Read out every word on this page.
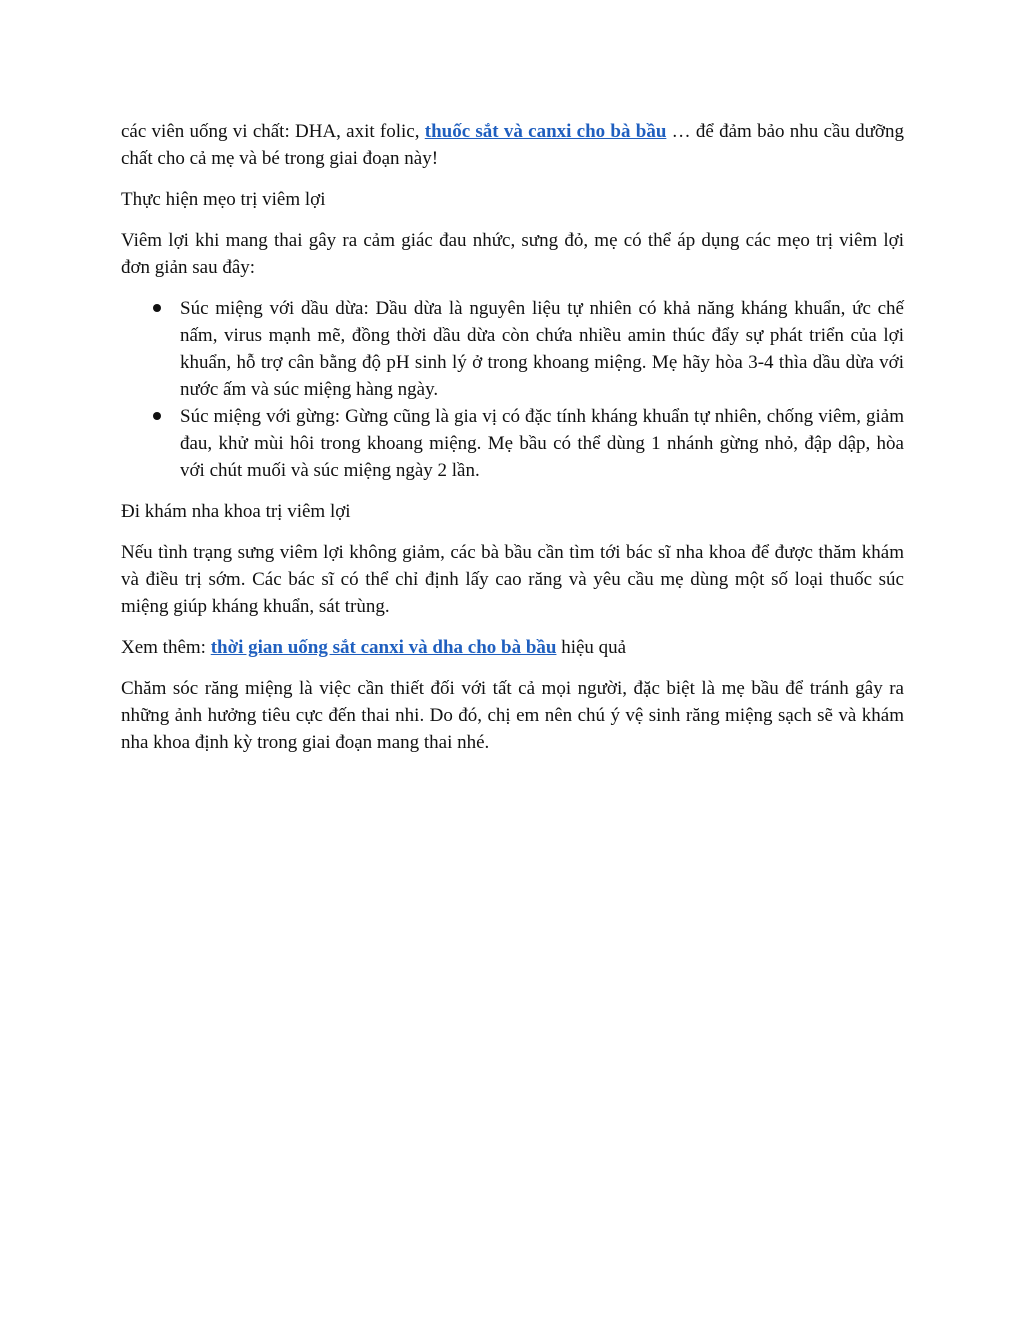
các viên uống vi chất: DHA, axit folic, thuốc sắt và canxi cho bà bầu … để đảm bảo nhu cầu dưỡng chất cho cả mẹ và bé trong giai đoạn này!

Thực hiện mẹo trị viêm lợi

Viêm lợi khi mang thai gây ra cảm giác đau nhức, sưng đỏ, mẹ có thể áp dụng các mẹo trị viêm lợi đơn giản sau đây:

Súc miệng với dầu dừa: Dầu dừa là nguyên liệu tự nhiên có khả năng kháng khuẩn, ức chế nấm, virus mạnh mẽ, đồng thời dầu dừa còn chứa nhiều amin thúc đẩy sự phát triển của lợi khuẩn, hỗ trợ cân bằng độ pH sinh lý ở trong khoang miệng. Mẹ hãy hòa 3-4 thìa dầu dừa với nước ấm và súc miệng hàng ngày.
Súc miệng với gừng: Gừng cũng là gia vị có đặc tính kháng khuẩn tự nhiên, chống viêm, giảm đau, khử mùi hôi trong khoang miệng. Mẹ bầu có thể dùng 1 nhánh gừng nhỏ, đập dập, hòa với chút muối và súc miệng ngày 2 lần.

Đi khám nha khoa trị viêm lợi

Nếu tình trạng sưng viêm lợi không giảm, các bà bầu cần tìm tới bác sĩ nha khoa để được thăm khám và điều trị sớm. Các bác sĩ có thể chỉ định lấy cao răng và yêu cầu mẹ dùng một số loại thuốc súc miệng giúp kháng khuẩn, sát trùng.

Xem thêm: thời gian uống sắt canxi và dha cho bà bầu hiệu quả

Chăm sóc răng miệng là việc cần thiết đối với tất cả mọi người, đặc biệt là mẹ bầu để tránh gây ra những ảnh hưởng tiêu cực đến thai nhi. Do đó, chị em nên chú ý vệ sinh răng miệng sạch sẽ và khám nha khoa định kỳ trong giai đoạn mang thai nhé.
